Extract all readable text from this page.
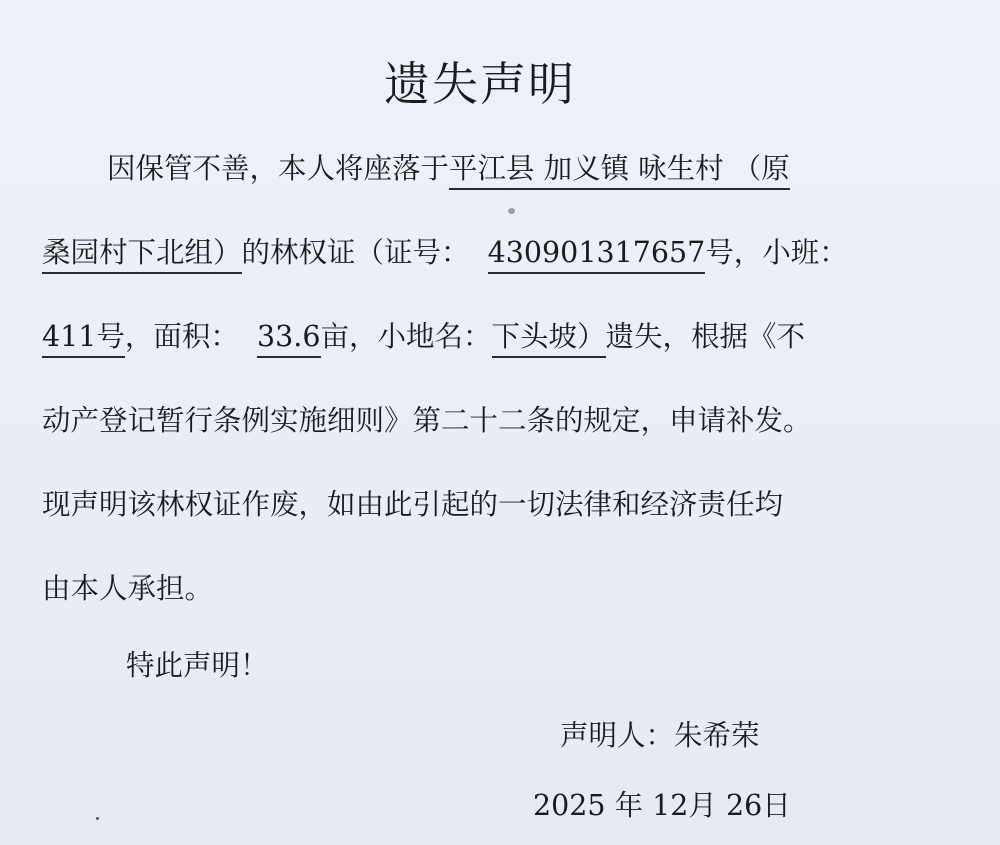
遗失声明
因保管不善，本人将座落于平江县 加义镇 咏生村 （原
桑园村下北组）的林权证（证号： 430901317657号，小班：
411号，面积： 33.6亩，小地名：下头坡）遗失，根据《不
动产登记暂行条例实施细则》第二十二条的规定，申请补发。
现声明该林权证作废，如由此引起的一切法律和经济责任均
由本人承担。
特此声明！
声明人：朱希荣
2025 年 12月 26日
